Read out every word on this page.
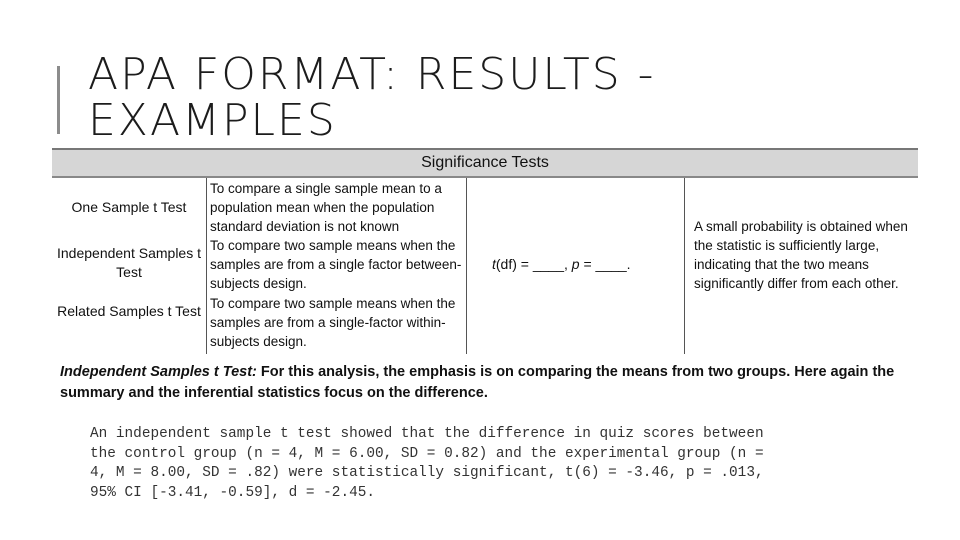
APA FORMAT: RESULTS -
EXAMPLES
Significance Tests
One Sample t Test
Independent Samples t Test
Related Samples t Test
To compare a single sample mean to a population mean when the population standard deviation is not known
To compare two sample means when the samples are from a single factor between-subjects design.
To compare two sample means when the samples are from a single-factor within-subjects design.
t(df) = ____, p = ____.
A small probability is obtained when the statistic is sufficiently large, indicating that the two means significantly differ from each other.
Independent Samples t Test: For this analysis, the emphasis is on comparing the means from two groups. Here again the summary and the inferential statistics focus on the difference.
An independent sample t test showed that the difference in quiz scores between
the control group (n = 4, M = 6.00, SD = 0.82) and the experimental group (n =
4, M = 8.00, SD = .82) were statistically significant, t(6) = -3.46, p = .013,
95% CI [-3.41, -0.59], d = -2.45.
